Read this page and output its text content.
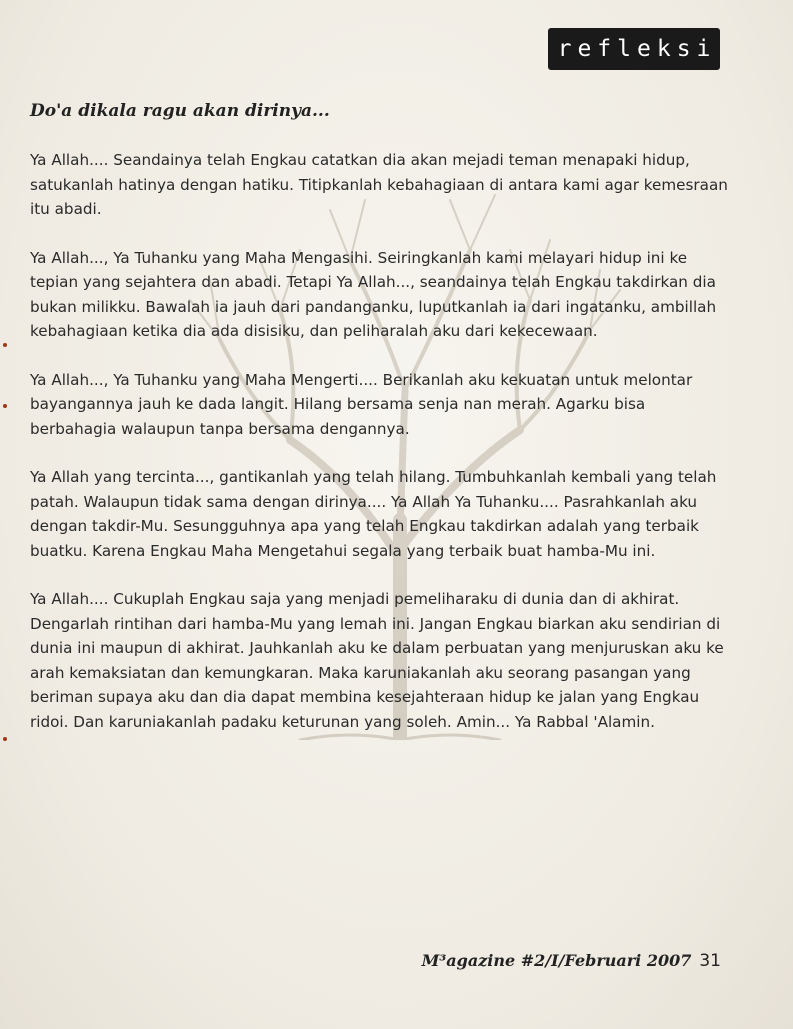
refleksi
Do'a dikala ragu akan dirinya...

Ya Allah.... Seandainya telah Engkau catatkan dia akan mejadi teman menapaki hidup, satukanlah hatinya dengan hatiku. Titipkanlah kebahagiaan di antara kami agar kemesraan itu abadi.

Ya Allah..., Ya Tuhanku yang Maha Mengasihi. Seiringkanlah kami melayari hidup ini ke tepian yang sejahtera dan abadi. Tetapi Ya Allah..., seandainya telah Engkau takdirkan dia bukan milikku. Bawalah ia jauh dari pandanganku, luputkanlah ia dari ingatanku, ambillah kebahagiaan ketika dia ada disisiku, dan peliharalah aku dari kekecewaan.

Ya Allah..., Ya Tuhanku yang Maha Mengerti.... Berikanlah aku kekuatan untuk melontar bayangannya jauh ke dada langit. Hilang bersama senja nan merah. Agarku bisa berbahagia walaupun tanpa bersama dengannya.

Ya Allah yang tercinta..., gantikanlah yang telah hilang. Tumbuhkanlah kembali yang telah patah. Walaupun tidak sama dengan dirinya.... Ya Allah Ya Tuhanku.... Pasrahkanlah aku dengan takdir-Mu. Sesungguhnya apa yang telah Engkau takdirkan adalah yang terbaik buatku. Karena Engkau Maha Mengetahui segala yang terbaik buat hamba-Mu ini.

Ya Allah.... Cukuplah Engkau saja yang menjadi pemeliharaku di dunia dan di akhirat. Dengarlah rintihan dari hamba-Mu yang lemah ini. Jangan Engkau biarkan aku sendirian di dunia ini maupun di akhirat. Jauhkanlah aku ke dalam perbuatan yang menjuruskan aku ke arah kemaksiatan dan kemungkaran. Maka karuniakanlah aku seorang pasangan yang beriman supaya aku dan dia dapat membina kesejahteraan hidup ke jalan yang Engkau ridoi. Dan karuniakanlah padaku keturunan yang soleh. Amin... Ya Rabbal 'Alamin.

M³agazine #2/I/Februari 2007 31
